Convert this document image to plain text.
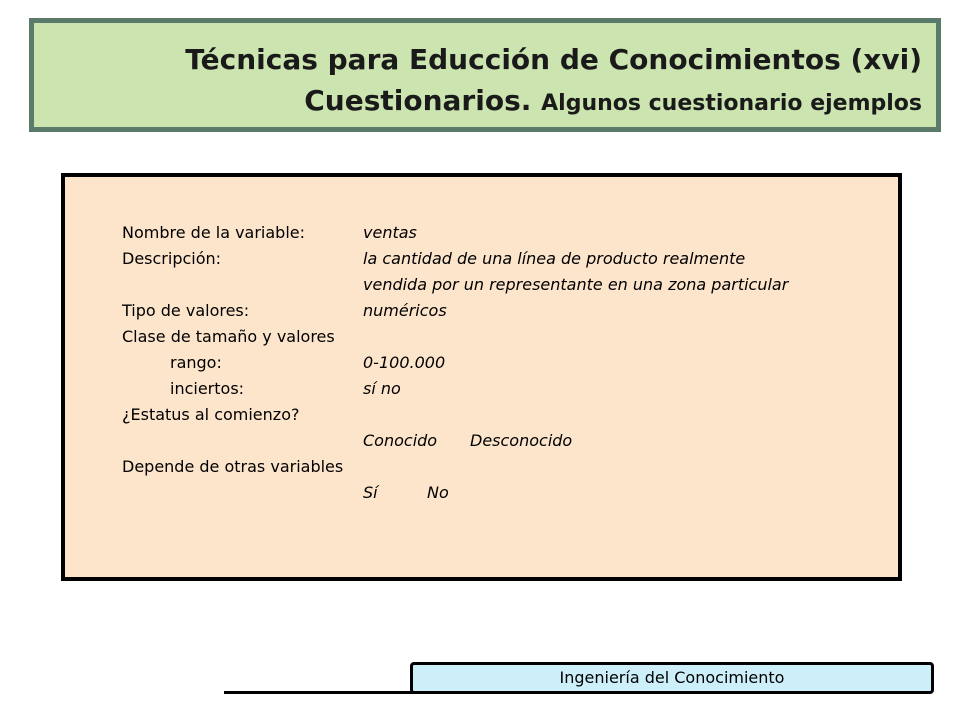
Técnicas para Educción de Conocimientos (xvi)
Cuestionarios. Algunos cuestionario ejemplos
Nombre de la variable:	ventas
Descripción:	la cantidad de una línea de producto realmente
vendida por un representante en una zona particular
Tipo de valores:	numéricos
Clase de tamaño y valores
rango:	0-100.000
inciertos:	sí no
¿Estatus al comienzo?
Conocido Desconocido
Depende de otras variables
Sí	No
Ingeniería del Conocimiento
